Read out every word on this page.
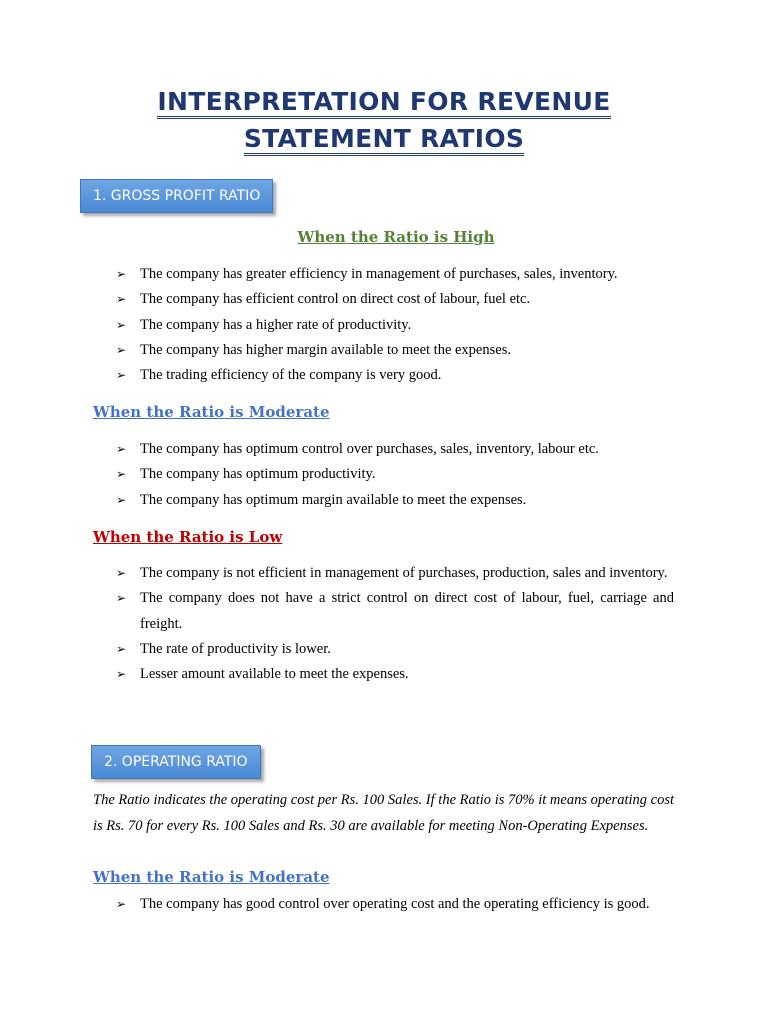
INTERPRETATION FOR REVENUE
STATEMENT RATIOS
1. GROSS PROFIT RATIO
When the Ratio is High
➢ The company has greater efficiency in management of purchases, sales, inventory.
➢ The company has efficient control on direct cost of labour, fuel etc.
➢ The company has a higher rate of productivity.
➢ The company has higher margin available to meet the expenses.
➢ The trading efficiency of the company is very good.
When the Ratio is Moderate
➢ The company has optimum control over purchases, sales, inventory, labour etc.
➢ The company has optimum productivity.
➢ The company has optimum margin available to meet the expenses.
When the Ratio is Low
➢ The company is not efficient in management of purchases, production, sales and inventory.
➢ The company does not have a strict control on direct cost of labour, fuel, carriage and freight.
➢ The rate of productivity is lower.
➢ Lesser amount available to meet the expenses.
2. OPERATING RATIO
The Ratio indicates the operating cost per Rs. 100 Sales. If the Ratio is 70% it means operating cost is Rs. 70 for every Rs. 100 Sales and Rs. 30 are available for meeting Non-Operating Expenses.
When the Ratio is Moderate
➢ The company has good control over operating cost and the operating efficiency is good.
